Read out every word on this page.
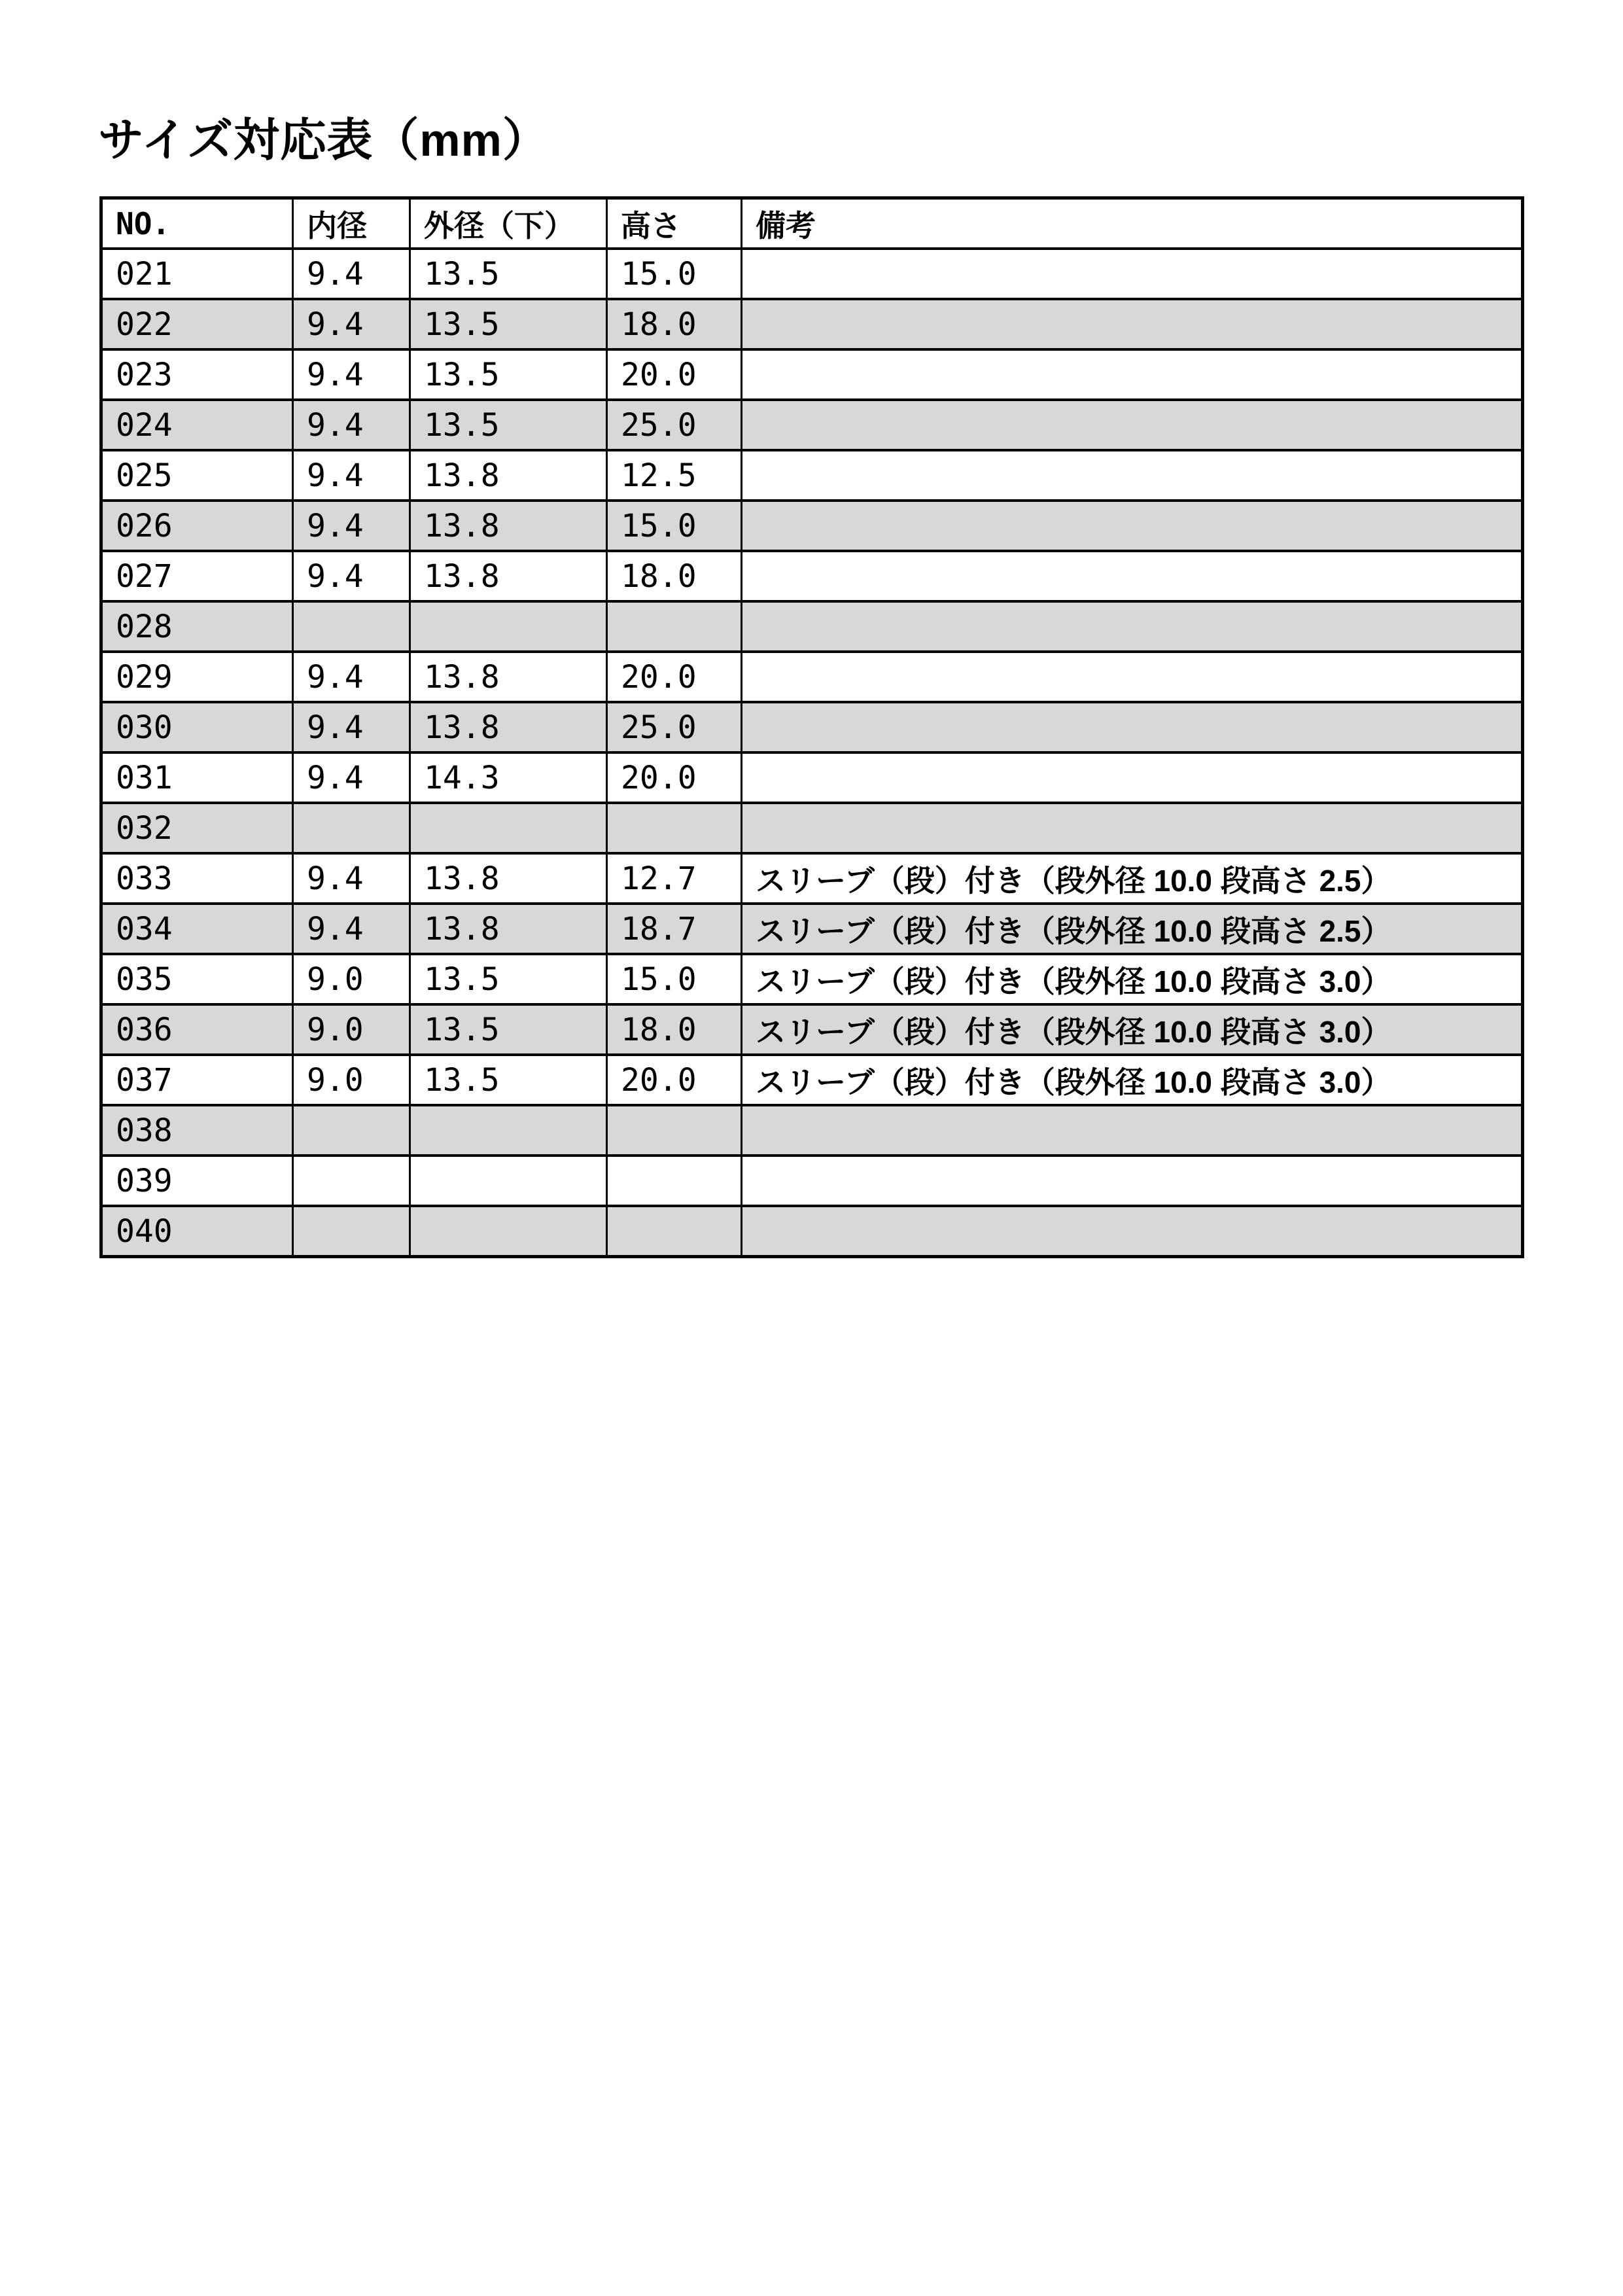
サイズ対応表（mm）
NO.	内径	外径（下）	高さ	備考
021	9.4	13.5	15.0	
022	9.4	13.5	18.0	
023	9.4	13.5	20.0	
024	9.4	13.5	25.0	
025	9.4	13.8	12.5	
026	9.4	13.8	15.0	
027	9.4	13.8	18.0	
028				
029	9.4	13.8	20.0	
030	9.4	13.8	25.0	
031	9.4	14.3	20.0	
032				
033	9.4	13.8	12.7	スリーブ（段）付き（段外径 10.0 段高さ 2.5）
034	9.4	13.8	18.7	スリーブ（段）付き（段外径 10.0 段高さ 2.5）
035	9.0	13.5	15.0	スリーブ（段）付き（段外径 10.0 段高さ 3.0）
036	9.0	13.5	18.0	スリーブ（段）付き（段外径 10.0 段高さ 3.0）
037	9.0	13.5	20.0	スリーブ（段）付き（段外径 10.0 段高さ 3.0）
038				
039				
040				
